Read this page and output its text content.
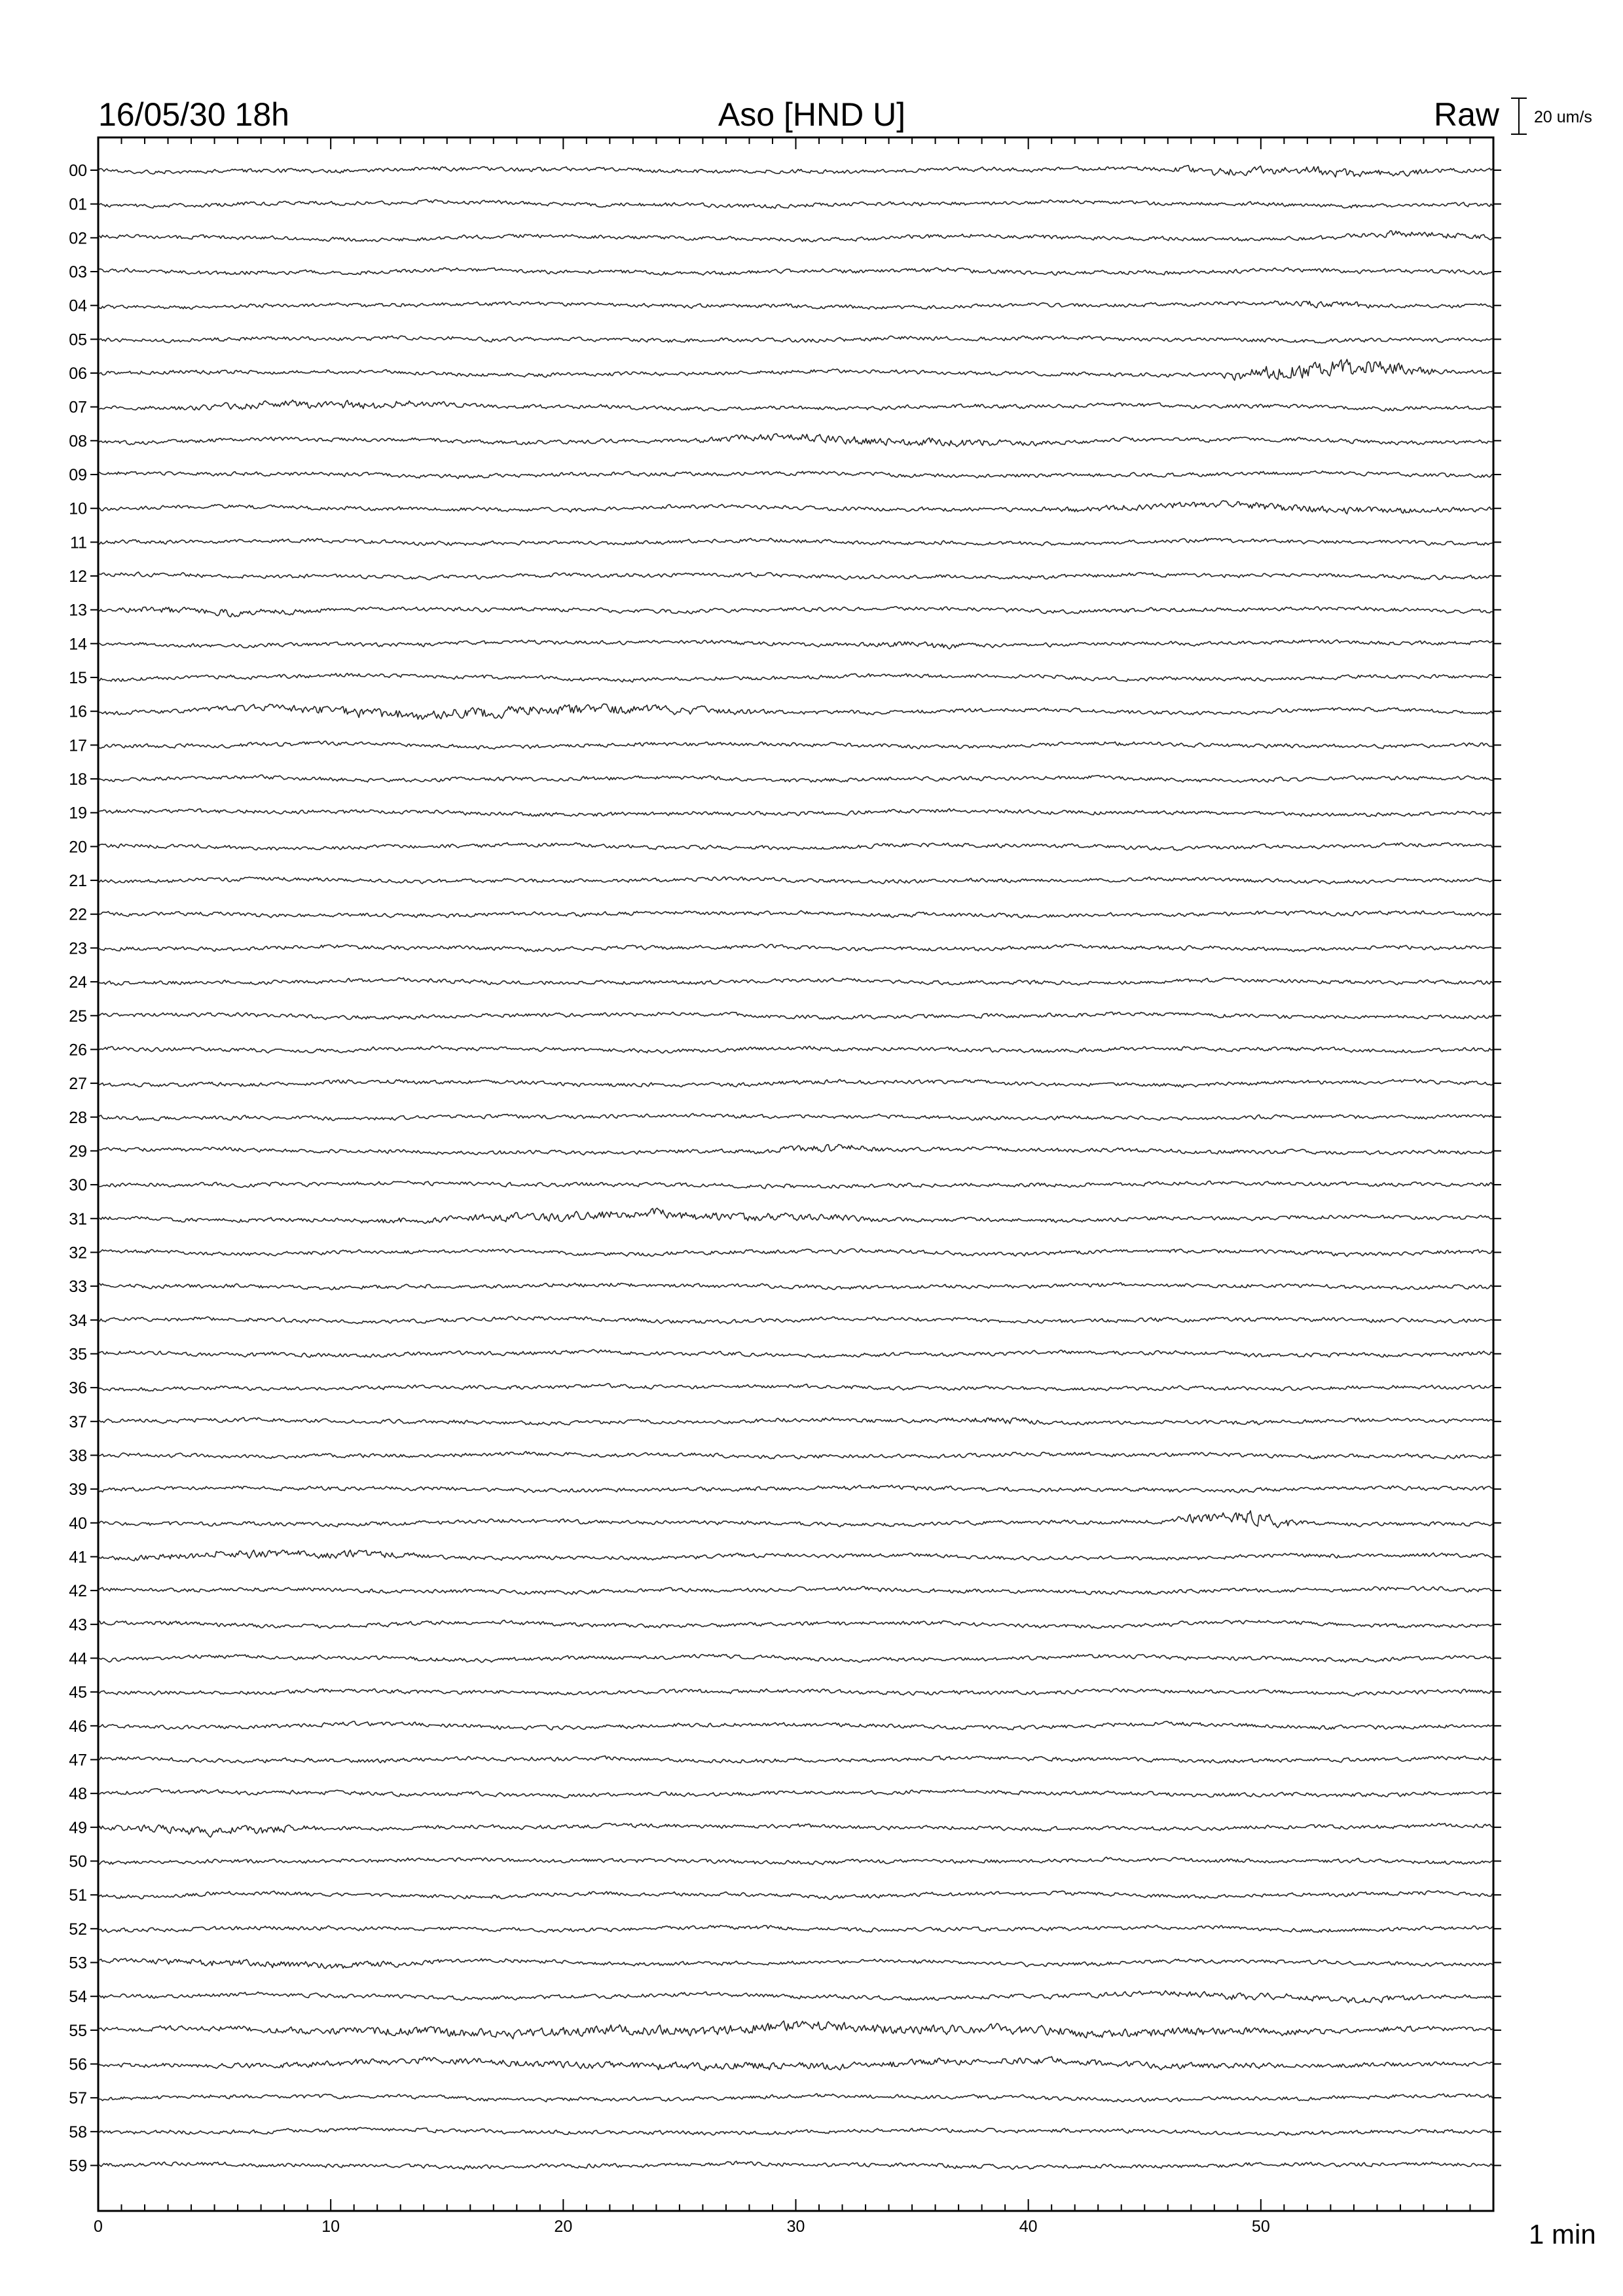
16/05/30 18h	Aso [HND U]	Raw 20 um/s
1 min
0	10	20	30	40	50
00
01
02
03
04
05
06
07
08
09
10
11
12
13
14
15
16
17
18
19
20
21
22
23
24
25
26
27
28
29
30
31
32
33
34
35
36
37
38
39
40
41
42
43
44
45
46
47
48
49
50
51
52
53
54
55
56
57
58
59
